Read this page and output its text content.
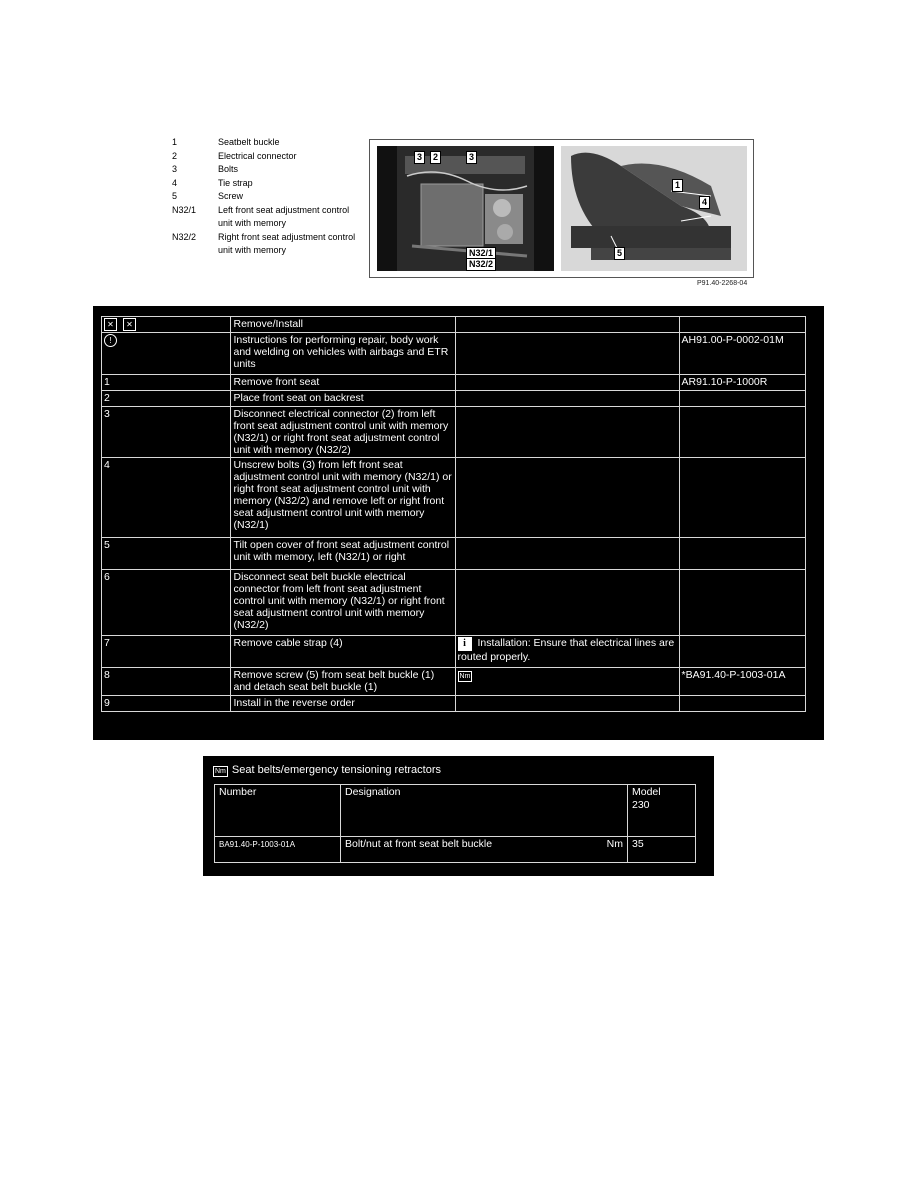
1	Seatbelt buckle
2	Electrical connector
3	Bolts
4	Tie strap
5	Screw
N32/1	Left front seat adjustment control unit with memory
N32/2	Right front seat adjustment control unit with memory
3	2	3
N32/1
N32/2
1
4
5
P91.40-2268-04
✕ ✕	Remove/Install		
!	Instructions for performing repair, body work and welding on vehicles with airbags and ETR units		AH91.00-P-0002-01M
1	Remove front seat		AR91.10-P-1000R
2	Place front seat on backrest		
3	Disconnect electrical connector (2) from left front seat adjustment control unit with memory (N32/1) or right front seat adjustment control unit with memory (N32/2)		
4	Unscrew bolts (3) from left front seat adjustment control unit with memory (N32/1) or right front seat adjustment control unit with memory (N32/2) and remove left or right front seat adjustment control unit with memory (N32/1)		
5	Tilt open cover of front seat adjustment control unit with memory, left (N32/1) or right		
6	Disconnect seat belt buckle electrical connector from left front seat adjustment control unit with memory (N32/1) or right front seat adjustment control unit with memory (N32/2)		
7	Remove cable strap (4)	i Installation: Ensure that electrical lines are routed properly.	
8	Remove screw (5) from seat belt buckle (1) and detach seat belt buckle (1)	Nm	*BA91.40-P-1003-01A
9	Install in the reverse order		
Nm Seat belts/emergency tensioning retractors
Number	Designation	Model
230
BA91.40-P-1003-01A	Bolt/nut at front seat belt buckle Nm	35
